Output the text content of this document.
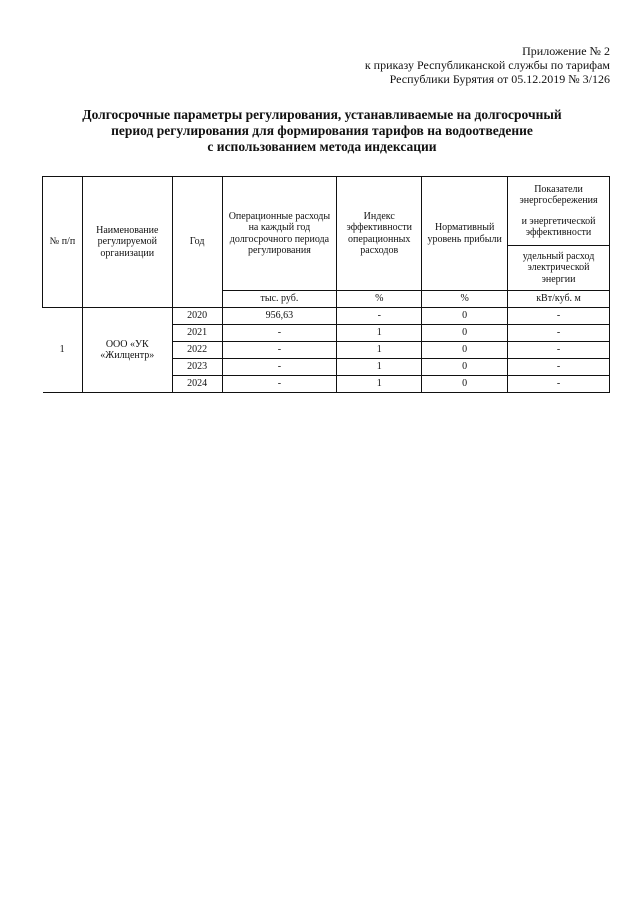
Приложение № 2
к приказу Республиканской службы по тарифам
Республики Бурятия от 05.12.2019 № 3/126
Долгосрочные параметры регулирования, устанавливаемые на долгосрочный
период регулирования для формирования тарифов на водоотведение
с использованием метода индексации
№ п/п	Наименование регулируемой организации	Год	Операционные расходы на каждый год долгосрочного периода регулирования	Индекс эффективности операционных расходов	Нормативный уровень прибыли	Показатели энергосбережения
и энергетической эффективности

						удельный расход электрической энергии
			тыс. руб.	%	%	кВт/куб. м
1	ООО «УК «Жилцентр»	2020	956,63	-	0	-
		2021	-	1	0	-
		2022	-	1	0	-
		2023	-	1	0	-
		2024	-	1	0	-
